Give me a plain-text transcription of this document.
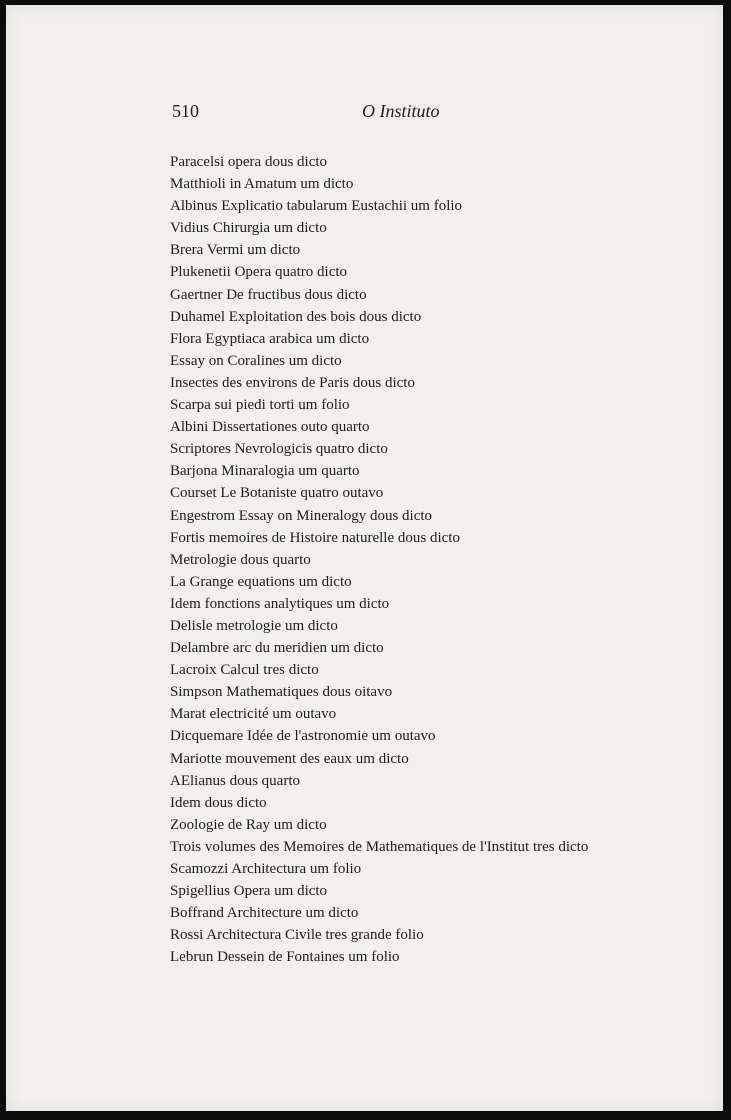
510	O Instituto
Paracelsi opera dous dicto
Matthioli in Amatum um dicto
Albinus Explicatio tabularum Eustachii um folio
Vidius Chirurgia um dicto
Brera Vermi um dicto
Plukenetii Opera quatro dicto
Gaertner De fructibus dous dicto
Duhamel Exploitation des bois dous dicto
Flora Egyptiaca arabica um dicto
Essay on Coralines um dicto
Insectes des environs de Paris dous dicto
Scarpa sui piedi torti um folio
Albini Dissertationes outo quarto
Scriptores Nevrologicis quatro dicto
Barjona Minaralogia um quarto
Courset Le Botaniste quatro outavo
Engestrom Essay on Mineralogy dous dicto
Fortis memoires de Histoire naturelle dous dicto
Metrologie dous quarto
La Grange equations um dicto
Idem fonctions analytiques um dicto
Delisle metrologie um dicto
Delambre arc du meridien um dicto
Lacroix Calcul tres dicto
Simpson Mathematiques dous oitavo
Marat electricité um outavo
Dicquemare Idée de l'astronomie um outavo
Mariotte mouvement des eaux um dicto
AElianus dous quarto
Idem dous dicto
Zoologie de Ray um dicto
Trois volumes des Memoires de Mathematiques de l'Institut tres dicto
Scamozzi Architectura um folio
Spigellius Opera um dicto
Boffrand Architecture um dicto
Rossi Architectura Civile tres grande folio
Lebrun Dessein de Fontaines um folio
